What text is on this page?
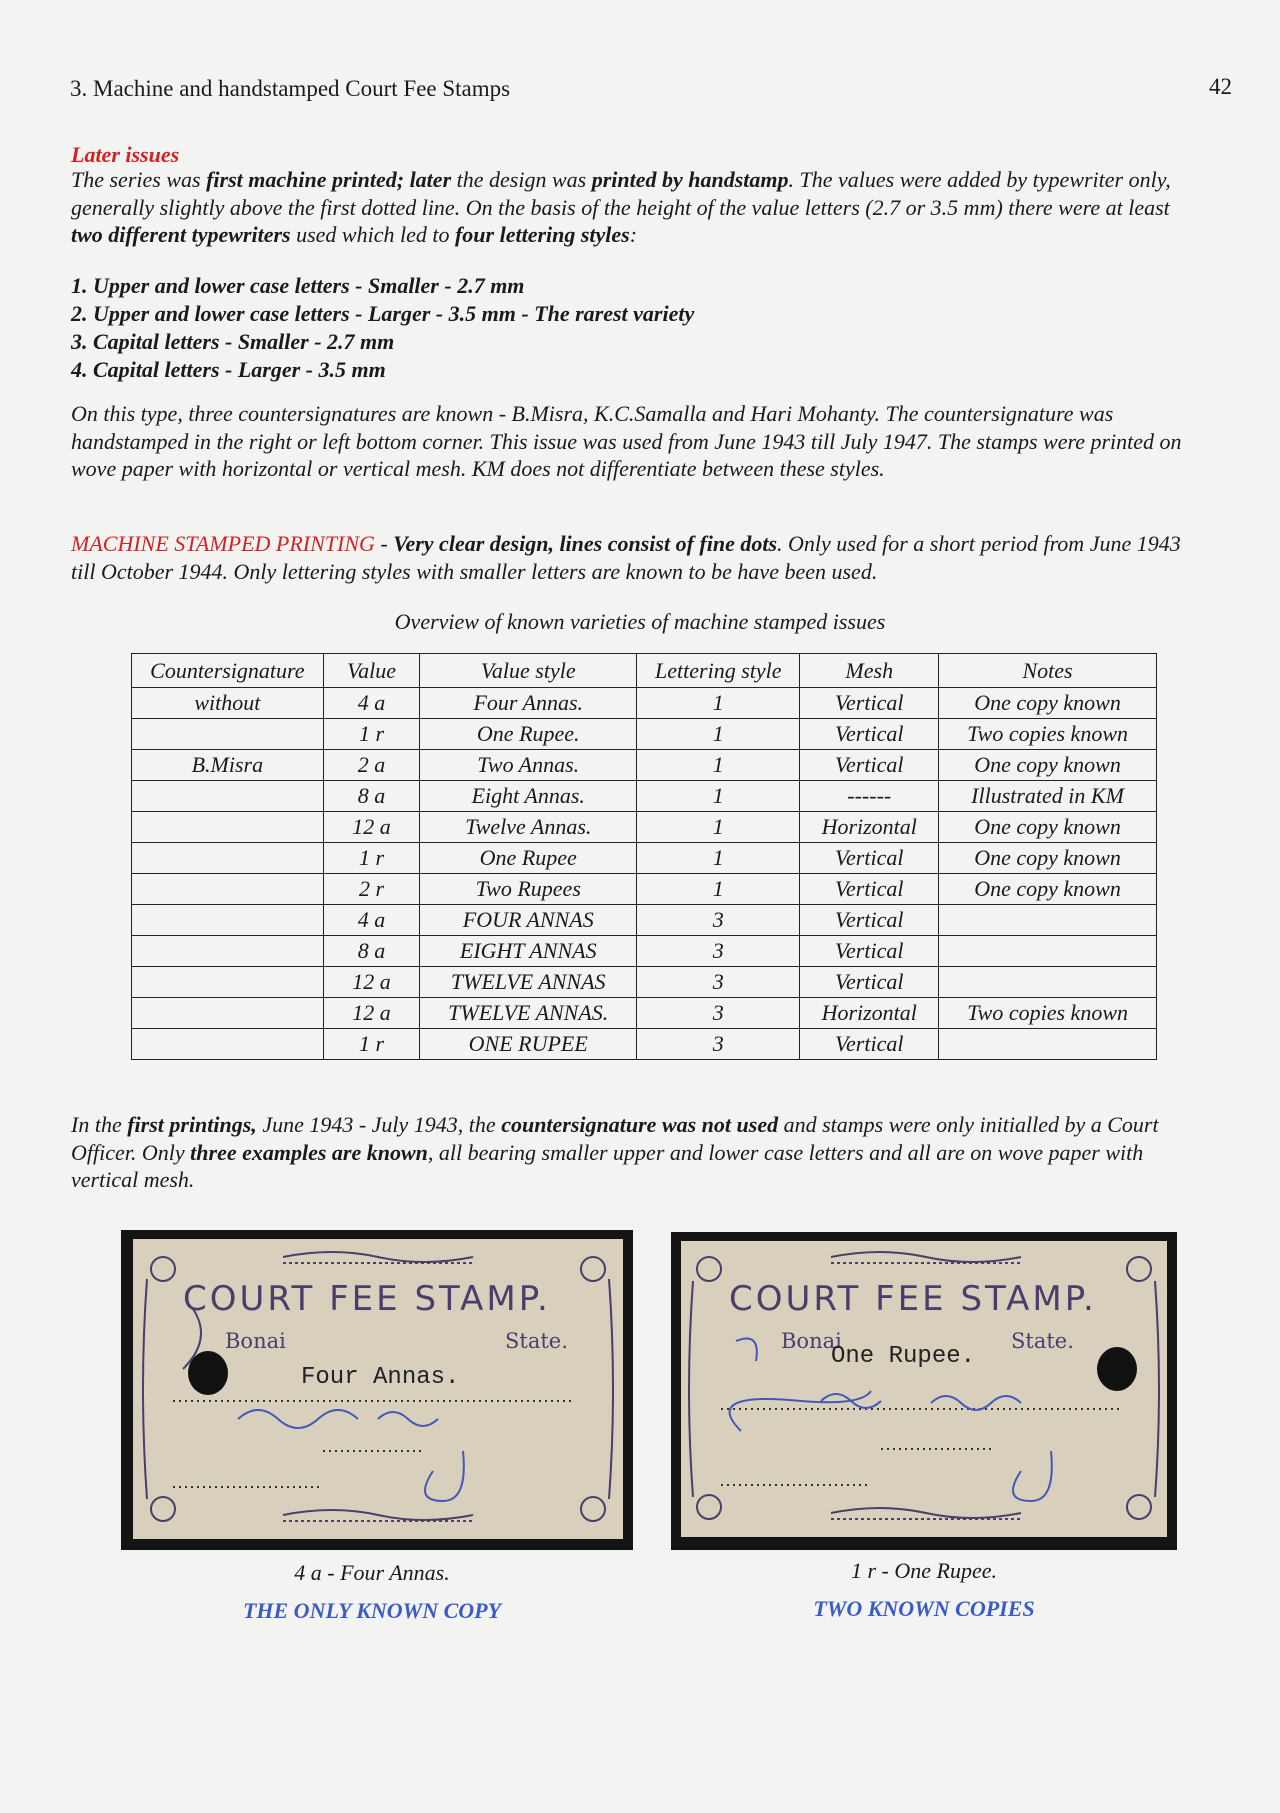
3. Machine and handstamped Court Fee Stamps	42
Later issues
The series was first machine printed; later the design was printed by handstamp. The values were added by typewriter only, generally slightly above the first dotted line. On the basis of the height of the value letters (2.7 or 3.5 mm) there were at least two different typewriters used which led to four lettering styles:
1. Upper and lower case letters - Smaller - 2.7 mm
2. Upper and lower case letters - Larger - 3.5 mm - The rarest variety
3. Capital letters - Smaller - 2.7 mm
4. Capital letters - Larger - 3.5 mm
On this type, three countersignatures are known - B.Misra, K.C.Samalla and Hari Mohanty. The countersignature was handstamped in the right or left bottom corner. This issue was used from June 1943 till July 1947. The stamps were printed on wove paper with horizontal or vertical mesh. KM does not differentiate between these styles.
MACHINE STAMPED PRINTING - Very clear design, lines consist of fine dots. Only used for a short period from June 1943 till October 1944. Only lettering styles with smaller letters are known to be have been used.
Overview of known varieties of machine stamped issues
Countersignature	Value	Value style	Lettering style	Mesh	Notes
without	4 a	Four Annas.	1	Vertical	One copy known
	1 r	One Rupee.	1	Vertical	Two copies known
B.Misra	2 a	Two Annas.	1	Vertical	One copy known
	8 a	Eight Annas.	1	------	Illustrated in KM
	12 a	Twelve Annas.	1	Horizontal	One copy known
	1 r	One Rupee	1	Vertical	One copy known
	2 r	Two Rupees	1	Vertical	One copy known
	4 a	FOUR ANNAS	3	Vertical	
	8 a	EIGHT ANNAS	3	Vertical	
	12 a	TWELVE ANNAS	3	Vertical	
	12 a	TWELVE ANNAS.	3	Horizontal	Two copies known
	1 r	ONE RUPEE	3	Vertical	
In the first printings, June 1943 - July 1943, the countersignature was not used and stamps were only initialled by a Court Officer. Only three examples are known, all bearing smaller upper and lower case letters and all are on wove paper with vertical mesh.
COURT FEE STAMP.
Bonai	State.
Four Annas.
COURT FEE STAMP.
Bonai	State.
One Rupee.
4 a - Four Annas.
THE ONLY KNOWN COPY
1 r - One Rupee.
TWO KNOWN COPIES
